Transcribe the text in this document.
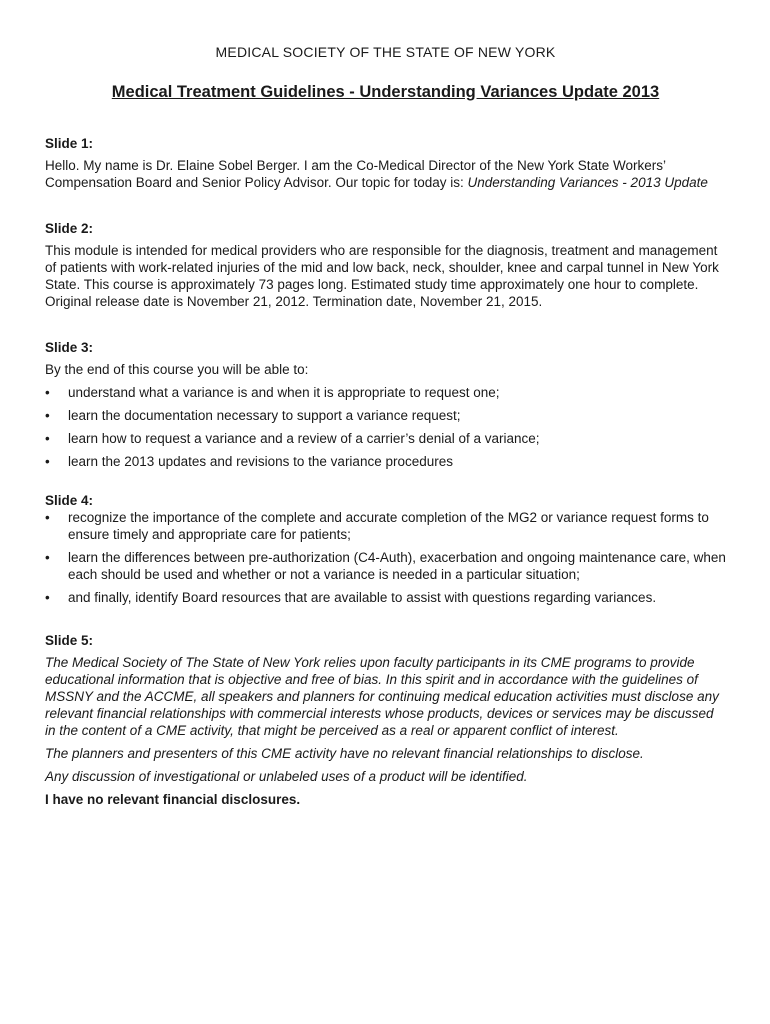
MEDICAL SOCIETY OF THE STATE OF NEW YORK

Medical Treatment Guidelines - Understanding Variances Update 2013

Slide 1:

Hello. My name is Dr. Elaine Sobel Berger. I am the Co-Medical Director of the New York State Workers’ Compensation Board and Senior Policy Advisor. Our topic for today is: Understanding Variances - 2013 Update

Slide 2:

This module is intended for medical providers who are responsible for the diagnosis, treatment and management of patients with work-related injuries of the mid and low back, neck, shoulder, knee and carpal tunnel in New York State. This course is approximately 73 pages long. Estimated study time approximately one hour to complete. Original release date is November 21, 2012. Termination date, November 21, 2015.

Slide 3:

By the end of this course you will be able to:

• understand what a variance is and when it is appropriate to request one;
• learn the documentation necessary to support a variance request;
• learn how to request a variance and a review of a carrier’s denial of a variance;
• learn the 2013 updates and revisions to the variance procedures

Slide 4:

• recognize the importance of the complete and accurate completion of the MG2 or variance request forms to ensure timely and appropriate care for patients;
• learn the differences between pre-authorization (C4-Auth), exacerbation and ongoing maintenance care, when each should be used and whether or not a variance is needed in a particular situation;
• and finally, identify Board resources that are available to assist with questions regarding variances.

Slide 5:

The Medical Society of The State of New York relies upon faculty participants in its CME programs to provide educational information that is objective and free of bias. In this spirit and in accordance with the guidelines of MSSNY and the ACCME, all speakers and planners for continuing medical education activities must disclose any relevant financial relationships with commercial interests whose products, devices or services may be discussed in the content of a CME activity, that might be perceived as a real or apparent conflict of interest.

The planners and presenters of this CME activity have no relevant financial relationships to disclose.

Any discussion of investigational or unlabeled uses of a product will be identified.

I have no relevant financial disclosures.
